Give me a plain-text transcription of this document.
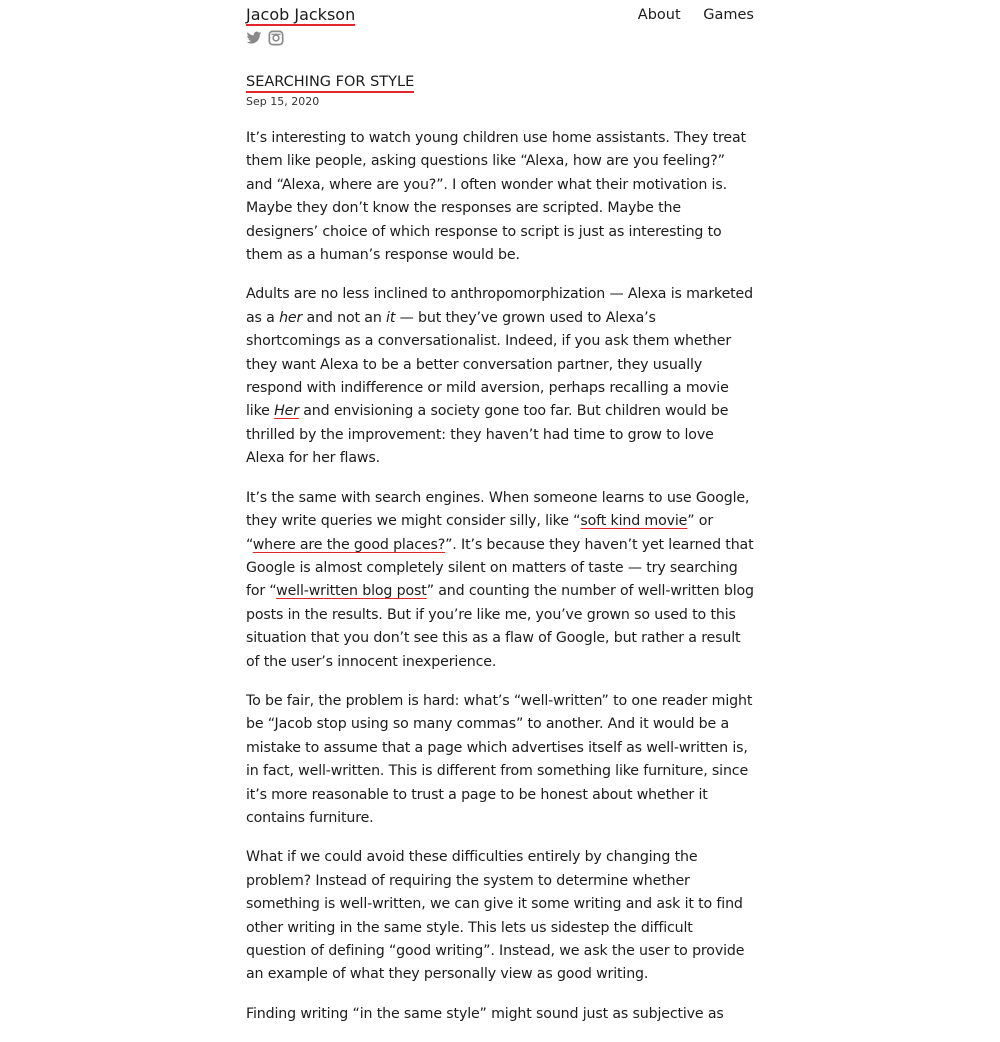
Jacob Jackson	About Games
SEARCHING FOR STYLE
Sep 15, 2020

It’s interesting to watch young children use home assistants. They treat them like people, asking questions like “Alexa, how are you feeling?” and “Alexa, where are you?”. I often wonder what their motivation is. Maybe they don’t know the responses are scripted. Maybe the designers’ choice of which response to script is just as interesting to them as a human’s response would be.

Adults are no less inclined to anthropomorphization — Alexa is marketed as a her and not an it — but they’ve grown used to Alexa’s shortcomings as a conversationalist. Indeed, if you ask them whether they want Alexa to be a better conversation partner, they usually respond with indifference or mild aversion, perhaps recalling a movie like Her and envisioning a society gone too far. But children would be thrilled by the improvement: they haven’t had time to grow to love Alexa for her flaws.

It’s the same with search engines. When someone learns to use Google, they write queries we might consider silly, like “soft kind movie” or “where are the good places?”. It’s because they haven’t yet learned that Google is almost completely silent on matters of taste — try searching for “well-written blog post” and counting the number of well-written blog posts in the results. But if you’re like me, you’ve grown so used to this situation that you don’t see this as a flaw of Google, but rather a result of the user’s innocent inexperience.

To be fair, the problem is hard: what’s “well-written” to one reader might be “Jacob stop using so many commas” to another. And it would be a mistake to assume that a page which advertises itself as well-written is, in fact, well-written. This is different from something like furniture, since it’s more reasonable to trust a page to be honest about whether it contains furniture.

What if we could avoid these difficulties entirely by changing the problem? Instead of requiring the system to determine whether something is well-written, we can give it some writing and ask it to find other writing in the same style. This lets us sidestep the difficult question of defining “good writing”. Instead, we ask the user to provide an example of what they personally view as good writing.

Finding writing “in the same style” might sound just as subjective as
